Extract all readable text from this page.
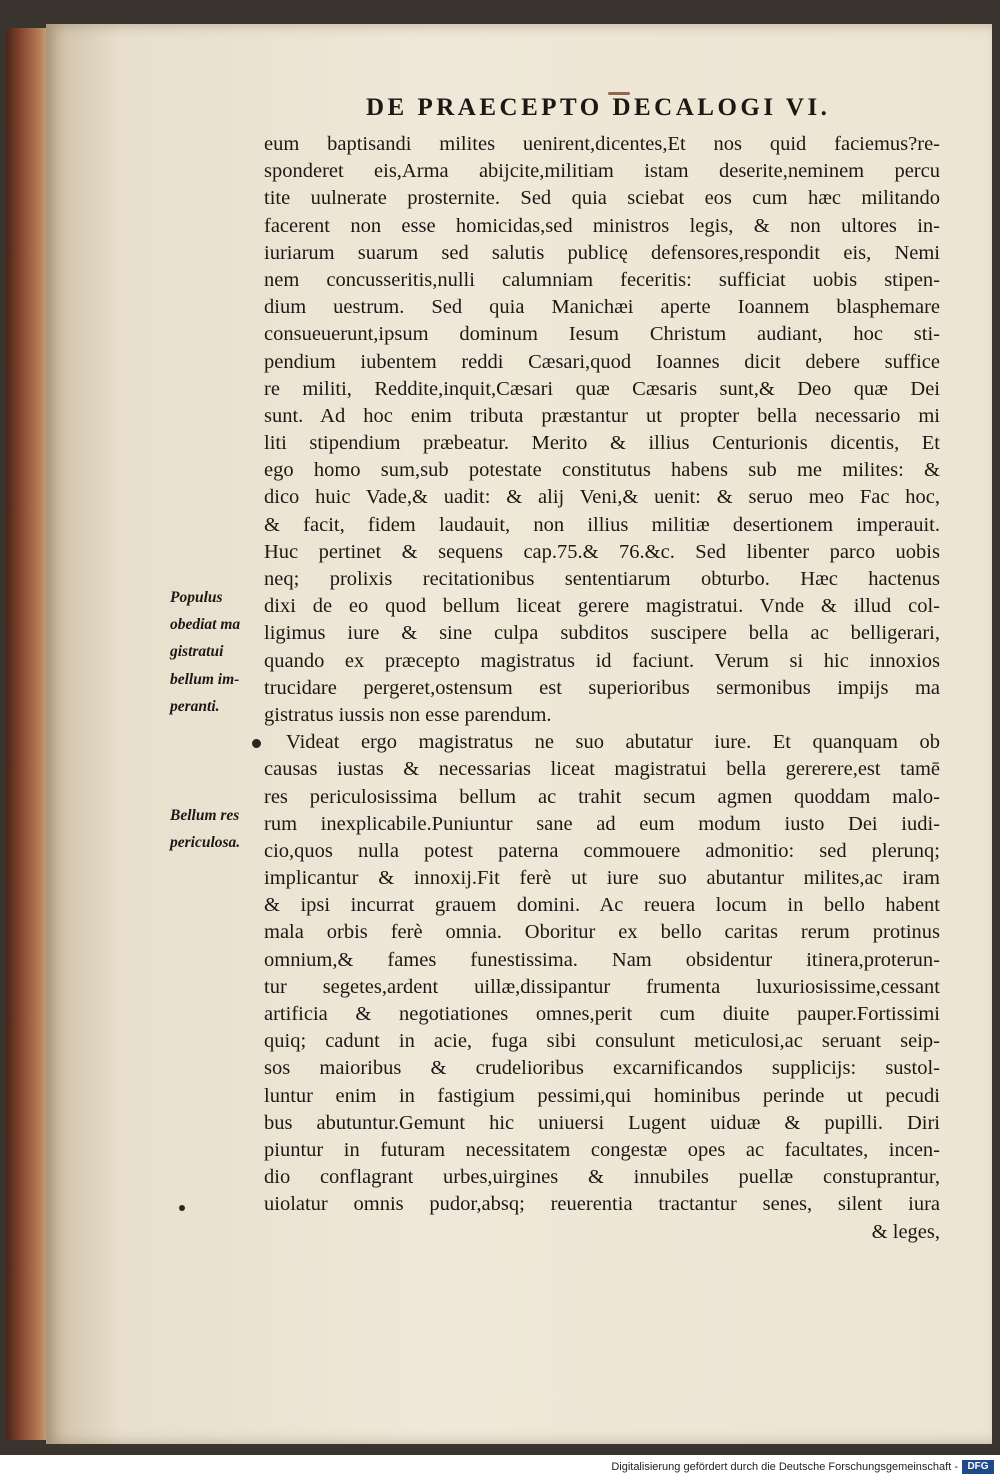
DE PRAECEPTO DECALOGI VI.
eum baptisandi milites uenirent,dicentes,Et nos quid faciemus?re-
sponderet eis,Arma abijcite,militiam istam deserite,neminem percu
tite uulnerate prosternite. Sed quia sciebat eos cum hæc militando
facerent non esse homicidas,sed ministros legis, & non ultores in-
iuriarum suarum sed salutis publicę defensores,respondit eis, Nemi
nem concusseritis,nulli calumniam feceritis: sufficiat uobis stipen-
dium uestrum. Sed quia Manichæi aperte Ioannem blasphemare
consueuerunt,ipsum dominum Iesum Christum audiant, hoc sti-
pendium iubentem reddi Cæsari,quod Ioannes dicit debere suffice
re militi, Reddite,inquit,Cæsari quæ Cæsaris sunt,& Deo quæ Dei
sunt. Ad hoc enim tributa præstantur ut propter bella necessario mi
liti stipendium præbeatur. Merito & illius Centurionis dicentis, Et
ego homo sum,sub potestate constitutus habens sub me milites: &
dico huic Vade,& uadit: & alij Veni,& uenit: & seruo meo Fac hoc,
& facit, fidem laudauit, non illius militiæ desertionem imperauit.
Huc pertinet & sequens cap.75.& 76.&c. Sed libenter parco uobis
neq; prolixis recitationibus sententiarum obturbo. Hæc hactenus
dixi de eo quod bellum liceat gerere magistratui. Vnde & illud col-
ligimus iure & sine culpa subditos suscipere bella ac belligerari,
quando ex præcepto magistratus id faciunt. Verum si hic innoxios
trucidare pergeret,ostensum est superioribus sermonibus impijs ma
gistratus iussis non esse parendum.
Videat ergo magistratus ne suo abutatur iure. Et quanquam ob
causas iustas & necessarias liceat magistratui bella gererere,est tamē
res periculosissima bellum ac trahit secum agmen quoddam malo-
rum inexplicabile.Puniuntur sane ad eum modum iusto Dei iudi-
cio,quos nulla potest paterna commouere admonitio: sed plerunq;
implicantur & innoxij.Fit ferè ut iure suo abutantur milites,ac iram
& ipsi incurrat grauem domini. Ac reuera locum in bello habent
mala orbis ferè omnia. Oboritur ex bello caritas rerum protinus
omnium,& fames funestissima. Nam obsidentur itinera,proterun-
tur segetes,ardent uillæ,dissipantur frumenta luxuriosissime,cessant
artificia & negotiationes omnes,perit cum diuite pauper.Fortissimi
quiq; cadunt in acie, fuga sibi consulunt meticulosi,ac seruant seip-
sos maioribus & crudelioribus excarnificandos supplicijs: sustol-
luntur enim in fastigium pessimi,qui hominibus perinde ut pecudi
bus abutuntur.Gemunt hic uniuersi Lugent uiduæ & pupilli. Diri
piuntur in futuram necessitatem congestæ opes ac facultates, incen-
dio conflagrant urbes,uirgines & innubiles puellæ constuprantur,
uiolatur omnis pudor,absq; reuerentia tractantur senes, silent iura
& leges,
Populus
obediat ma
gistratui
bellum im-
peranti.
Bellum res
periculosa.
Digitalisierung gefördert durch die Deutsche Forschungsgemeinschaft - DFG
